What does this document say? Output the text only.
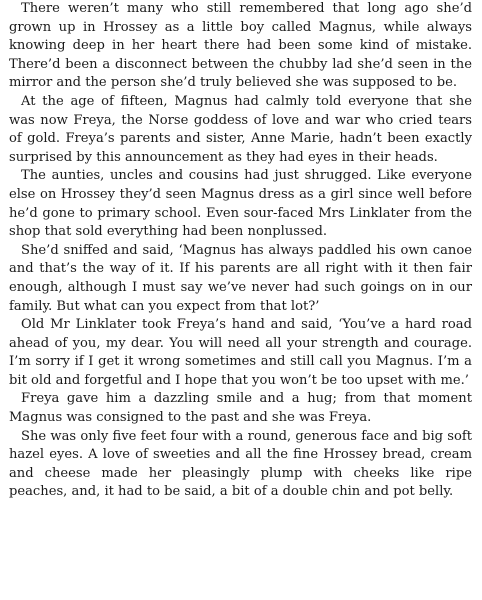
There weren’t many who still remembered that long ago she’d grown up in Hrossey as a little boy called Magnus, while always knowing deep in her heart there had been some kind of mistake. There’d been a disconnect between the chubby lad she’d seen in the mirror and the person she’d truly believed she was supposed to be.

At the age of fifteen, Magnus had calmly told everyone that she was now Freya, the Norse goddess of love and war who cried tears of gold. Freya’s parents and sister, Anne Marie, hadn’t been exactly surprised by this announcement as they had eyes in their heads.

The aunties, uncles and cousins had just shrugged. Like everyone else on Hrossey they’d seen Magnus dress as a girl since well before he’d gone to primary school. Even sour-faced Mrs Linklater from the shop that sold everything had been nonplussed.

She’d sniffed and said, ‘Magnus has always paddled his own canoe and that’s the way of it. If his parents are all right with it then fair enough, although I must say we’ve never had such goings on in our family. But what can you expect from that lot?’

Old Mr Linklater took Freya’s hand and said, ‘You’ve a hard road ahead of you, my dear. You will need all your strength and courage. I’m sorry if I get it wrong sometimes and still call you Magnus. I’m a bit old and forgetful and I hope that you won’t be too upset with me.’

Freya gave him a dazzling smile and a hug; from that moment Magnus was consigned to the past and she was Freya.

She was only five feet four with a round, generous face and big soft hazel eyes. A love of sweeties and all the fine Hrossey bread, cream and cheese made her pleasingly plump with cheeks like ripe peaches, and, it had to be said, a bit of a double chin and pot belly.
